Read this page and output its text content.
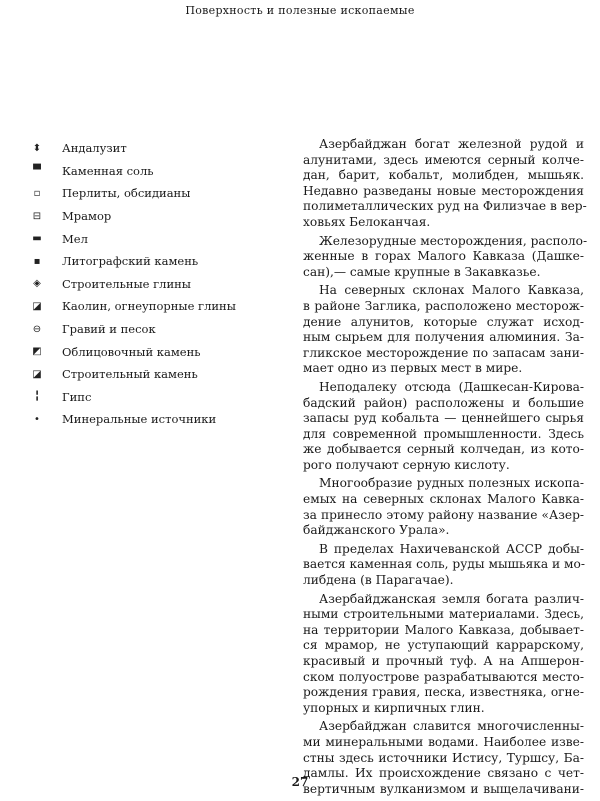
Поверхность и полезные ископаемые
⬍	Андалузит
▀	Каменная соль
▫	Перлиты, обсидианы
⊟	Мрамор
▬	Мел
▪	Литографский камень
◈	Строительные глины
◪	Каолин, огнеупорные глины
⊖	Гравий и песок
◩	Облицовочный камень
◪	Строительный камень
╏	Гипс
•	Минеральные источники
Азербайджан богат железной рудой и
алунитами, здесь имеются серный колче-
дан, барит, кобальт, молибден, мышьяк.
Недавно разведаны новые месторождения
полиметаллических руд на Филизчае в вер-
ховьях Белоканчая.
Железорудные месторождения, располо-
женные в горах Малого Кавказа (Дашке-
сан),— самые крупные в Закавказье.
На северных склонах Малого Кавказа,
в районе Заглика, расположено месторож-
дение алунитов, которые служат исход-
ным сырьем для получения алюминия. За-
гликское месторождение по запасам зани-
мает одно из первых мест в мире.
Неподалеку отсюда (Дашкесан-Кирова-
бадский район) расположены и большие
запасы руд кобальта — ценнейшего сырья
для современной промышленности. Здесь
же добывается серный колчедан, из кото-
рого получают серную кислоту.
Многообразие рудных полезных ископа-
емых на северных склонах Малого Кавка-
за принесло этому району название «Азер-
байджанского Урала».
В пределах Нахичеванской АССР добы-
вается каменная соль, руды мышьяка и мо-
либдена (в Парагачае).
Азербайджанская земля богата различ-
ными строительными материалами. Здесь,
на территории Малого Кавказа, добывает-
ся мрамор, не уступающий каррарскому,
красивый и прочный туф. А на Апшерон-
ском полуострове разрабатываются место-
рождения гравия, песка, известняка, огне-
упорных и кирпичных глин.
Азербайджан славится многочисленны-
ми минеральными водами. Наиболее изве-
стны здесь источники Истису, Туршсу, Ба-
дамлы. Их происхождение связано с чет-
вертичным вулканизмом и выщелачивани-
27
